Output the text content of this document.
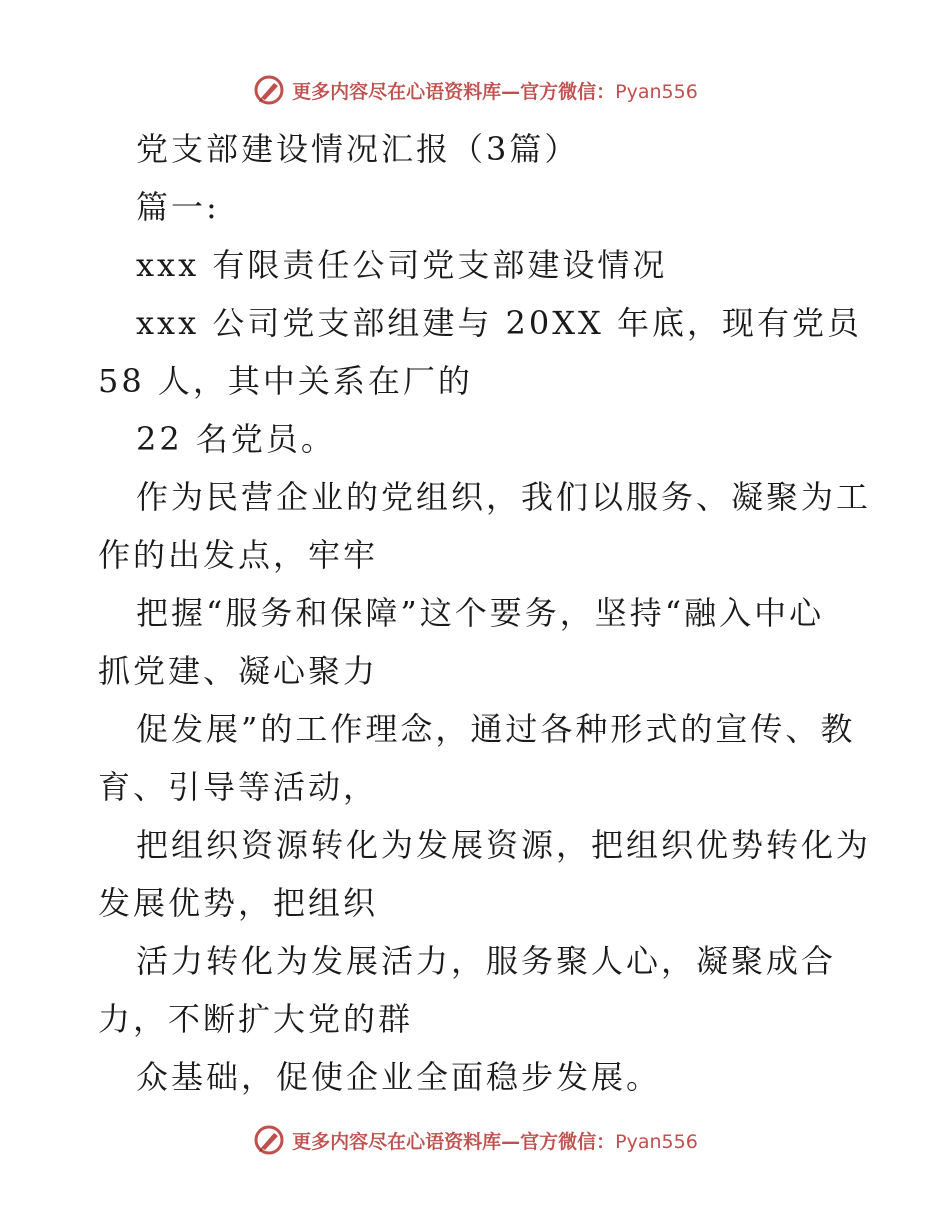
更多内容尽在心语资料库—官方微信：Pyan556

党支部建设情况汇报（3篇）

篇一:

xxx 有限责任公司党支部建设情况

xxx 公司党支部组建与 20XX 年底，现有党员

58 人，其中关系在厂的

22 名党员。

作为民营企业的党组织，我们以服务、凝聚为工

作的出发点，牢牢

把握“服务和保障”这个要务，坚持“融入中心

抓党建、凝心聚力

促发展”的工作理念，通过各种形式的宣传、教

育、引导等活动，

把组织资源转化为发展资源，把组织优势转化为

发展优势，把组织

活力转化为发展活力，服务聚人心，凝聚成合

力，不断扩大党的群

众基础，促使企业全面稳步发展。

更多内容尽在心语资料库—官方微信：Pyan556
